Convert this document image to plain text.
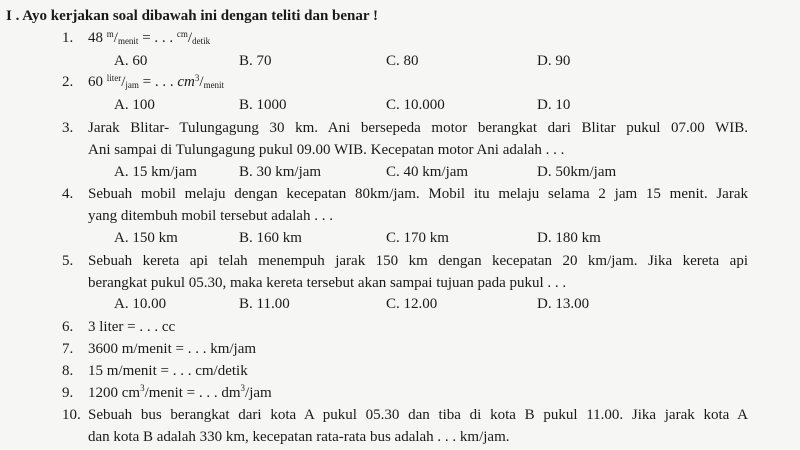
I . Ayo kerjakan soal dibawah ini dengan teliti dan benar !
1. 48 $^m/_{menit}$ = . . . $^{cm}/_{detik}$
A. 60	B. 70	C. 80	D. 90
2. 60 $^{liter}/_{jam}$ = . . . $cm^3/_{menit}$
A. 100	B. 1000	C. 10.000	D. 10
3. Jarak Blitar- Tulungagung 30 km. Ani bersepeda motor berangkat dari Blitar pukul 07.00 WIB.
Ani sampai di Tulungagung pukul 09.00 WIB. Kecepatan motor Ani adalah . . .
A. 15 km/jam	B. 30 km/jam	C. 40 km/jam	D. 50km/jam
4. Sebuah mobil melaju dengan kecepatan 80km/jam. Mobil itu melaju selama 2 jam 15 menit. Jarak
yang ditembuh mobil tersebut adalah . . .
A. 150 km	B. 160 km	C. 170 km	D. 180 km
5. Sebuah kereta api telah menempuh jarak 150 km dengan kecepatan 20 km/jam. Jika kereta api
berangkat pukul 05.30, maka kereta tersebut akan sampai tujuan pada pukul . . .
A. 10.00	B. 11.00	C. 12.00	D. 13.00
6. 3 liter = . . . cc
7. 3600 m/menit = . . . km/jam
8. 15 m/menit = . . . cm/detik
9. 1200 $cm^3$/menit = . . . $dm^3$/jam
10. Sebuah bus berangkat dari kota A pukul 05.30 dan tiba di kota B pukul 11.00. Jika jarak kota A
dan kota B adalah 330 km, kecepatan rata-rata bus adalah . . . km/jam.
